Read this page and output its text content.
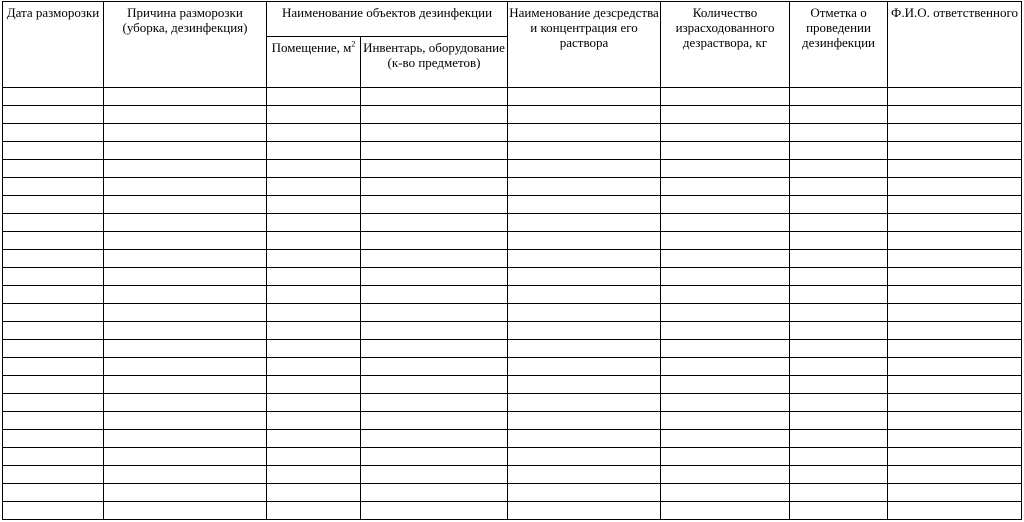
Дата разморозки	Причина разморозки (уборка, дезинфекция)	Наименование объектов дезинфекции		Наименование дезсредства и концентрация его раствора	Количество израсходованного дезраствора, кг	Отметка о проведении дезинфекции	Ф.И.О. ответственного
		Помещение, $м^2$	Инвентарь, оборудование (к-во предметов)				
